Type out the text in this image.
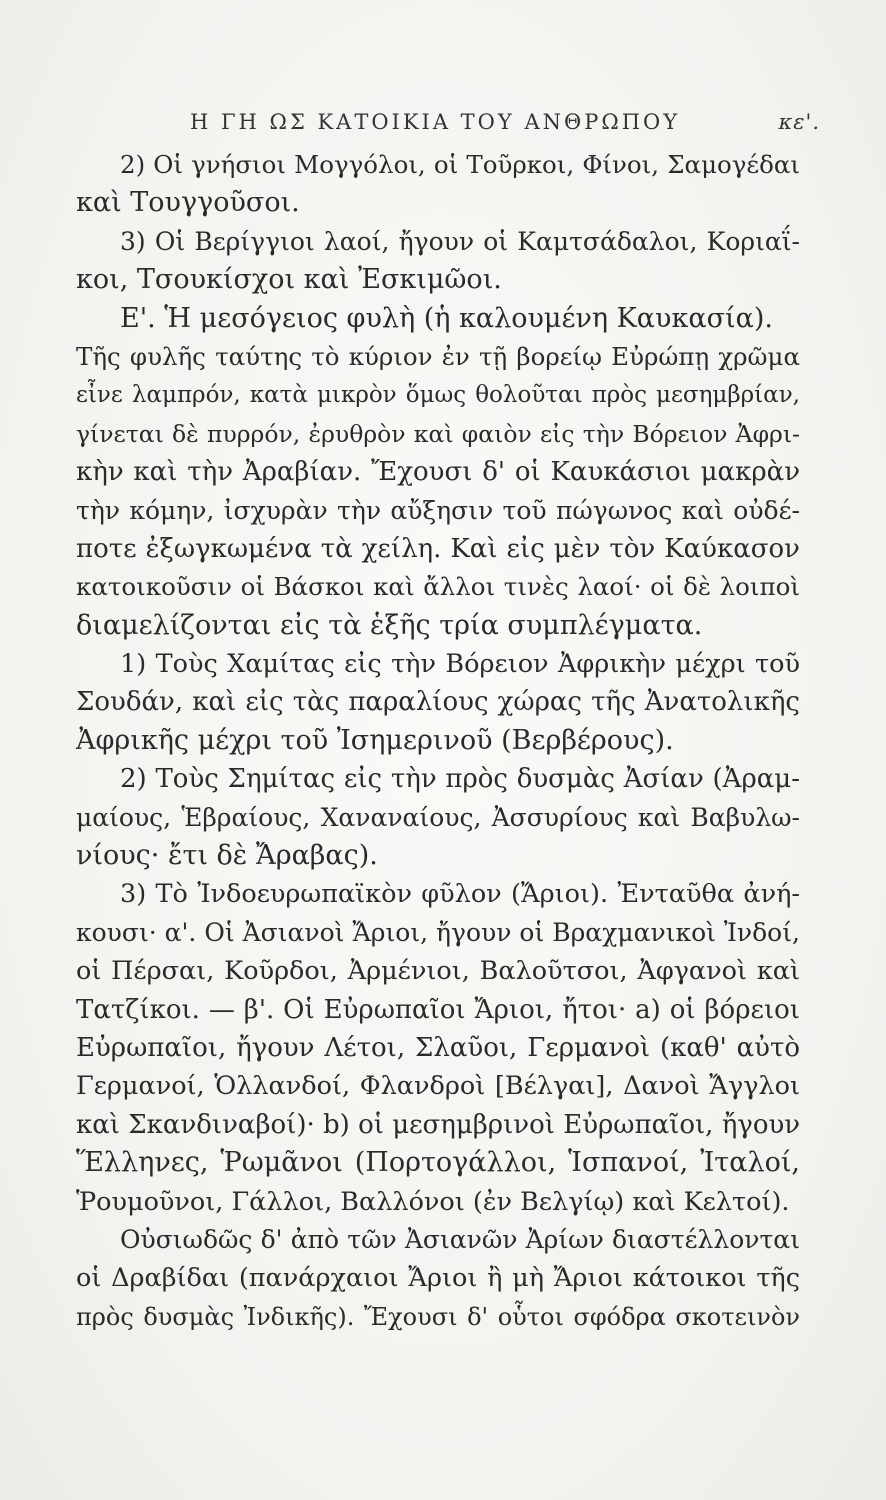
Η ΓΗ ΩΣ ΚΑΤΟΙΚΙΑ ΤΟΥ ΑΝΘΡΩΠΟΥ	κε'.
2) Οἱ γνήσιοι Μογγόλοι, οἱ Τοῦρκοι, Φίνοι, Σαμογέδαι
καὶ Τουγγοῦσοι.
3) Οἱ Βερίγγιοι λαοί, ἤγουν οἱ Καμτσάδαλοι, Κοριαΐ-
κοι, Τσουκίσχοι καὶ Ἐσκιμῶοι.
Ε'. Ἡ μεσόγειος φυλὴ (ἡ καλουμένη Καυκασία).
Τῆς φυλῆς ταύτης τὸ κύριον ἐν τῇ βορείῳ Εὐρώπῃ χρῶμα
εἶνε λαμπρόν, κατὰ μικρὸν ὅμως θολοῦται πρὸς μεσημβρίαν,
γίνεται δὲ πυρρόν, ἐρυθρὸν καὶ φαιὸν εἰς τὴν Βόρειον Ἀφρι-
κὴν καὶ τὴν Ἀραβίαν. Ἔχουσι δ' οἱ Καυκάσιοι μακρὰν
τὴν κόμην, ἰσχυρὰν τὴν αὔξησιν τοῦ πώγωνος καὶ οὐδέ-
ποτε ἐξωγκωμένα τὰ χείλη. Καὶ εἰς μὲν τὸν Καύκασον
κατοικοῦσιν οἱ Βάσκοι καὶ ἄλλοι τινὲς λαοί· οἱ δὲ λοιποὶ
διαμελίζονται εἰς τὰ ἑξῆς τρία συμπλέγματα.
1) Τοὺς Χαμίτας εἰς τὴν Βόρειον Ἀφρικὴν μέχρι τοῦ
Σουδάν, καὶ εἰς τὰς παραλίους χώρας τῆς Ἀνατολικῆς
Ἀφρικῆς μέχρι τοῦ Ἰσημερινοῦ (Βερβέρους).
2) Τοὺς Σημίτας εἰς τὴν πρὸς δυσμὰς Ἀσίαν (Ἀραμ-
μαίους, Ἑβραίους, Χαναναίους, Ἀσσυρίους καὶ Βαβυλω-
νίους· ἔτι δὲ Ἄραβας).
3) Τὸ Ἰνδοευρωπαϊκὸν φῦλον (Ἄριοι). Ἐνταῦθα ἀνή-
κουσι· α'. Οἱ Ἀσιανοὶ Ἄριοι, ἤγουν οἱ Βραχμανικοὶ Ἰνδοί,
οἱ Πέρσαι, Κοῦρδοι, Ἀρμένιοι, Βαλοῦτσοι, Ἀφγανοὶ καὶ
Τατζίκοι. — β'. Οἱ Εὐρωπαῖοι Ἄριοι, ἤτοι· a) οἱ βόρειοι
Εὐρωπαῖοι, ἤγουν Λέτοι, Σλαῦοι, Γερμανοὶ (καθ' αὐτὸ
Γερμανοί, Ὁλλανδοί, Φλανδροὶ [Βέλγαι], Δανοὶ Ἄγγλοι
καὶ Σκανδιναβοί)· b) οἱ μεσημβρινοὶ Εὐρωπαῖοι, ἤγουν
Ἕλληνες, Ῥωμᾶνοι (Πορτογάλλοι, Ἱσπανοί, Ἰταλοί,
Ῥουμοῦνοι, Γάλλοι, Βαλλόνοι (ἐν Βελγίῳ) καὶ Κελτοί).
Οὐσιωδῶς δ' ἀπὸ τῶν Ἀσιανῶν Ἀρίων διαστέλλονται
οἱ Δραβίδαι (πανάρχαιοι Ἄριοι ἢ μὴ Ἄριοι κάτοικοι τῆς
πρὸς δυσμὰς Ἰνδικῆς). Ἔχουσι δ' οὗτοι σφόδρα σκοτεινὸν
